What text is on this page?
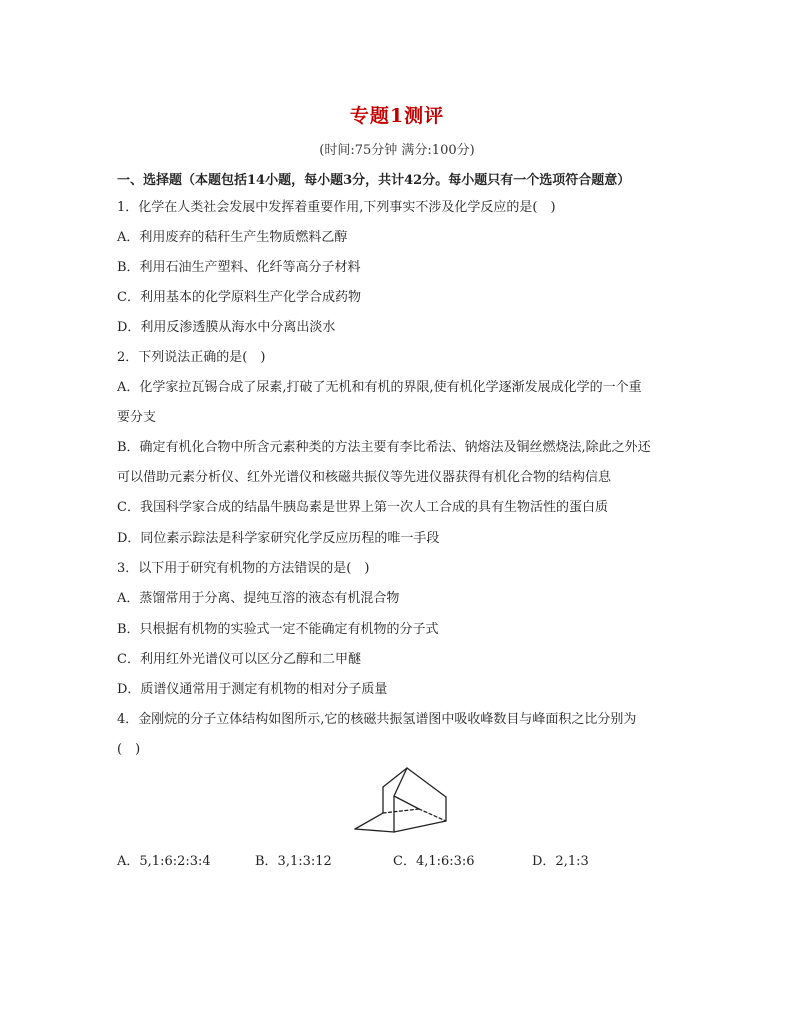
专题1测评
(时间:75分钟 满分:100分)
一、选择题（本题包括14小题，每小题3分，共计42分。每小题只有一个选项符合题意）
1．化学在人类社会发展中发挥着重要作用,下列事实不涉及化学反应的是(　)
A．利用废弃的秸秆生产生物质燃料乙醇
B．利用石油生产塑料、化纤等高分子材料
C．利用基本的化学原料生产化学合成药物
D．利用反渗透膜从海水中分离出淡水
2．下列说法正确的是(　)
A．化学家拉瓦锡合成了尿素,打破了无机和有机的界限,使有机化学逐渐发展成化学的一个重
要分支
B．确定有机化合物中所含元素种类的方法主要有李比希法、钠熔法及铜丝燃烧法,除此之外还
可以借助元素分析仪、红外光谱仪和核磁共振仪等先进仪器获得有机化合物的结构信息
C．我国科学家合成的结晶牛胰岛素是世界上第一次人工合成的具有生物活性的蛋白质
D．同位素示踪法是科学家研究化学反应历程的唯一手段
3．以下用于研究有机物的方法错误的是(　)
A．蒸馏常用于分离、提纯互溶的液态有机混合物
B．只根据有机物的实验式一定不能确定有机物的分子式
C．利用红外光谱仪可以区分乙醇和二甲醚
D．质谱仪通常用于测定有机物的相对分子质量
4．金刚烷的分子立体结构如图所示,它的核磁共振氢谱图中吸收峰数目与峰面积之比分别为
(　)
A．5,1:6:2:3:4	B．3,1:3:12	C．4,1:6:3:6	D．2,1:3
